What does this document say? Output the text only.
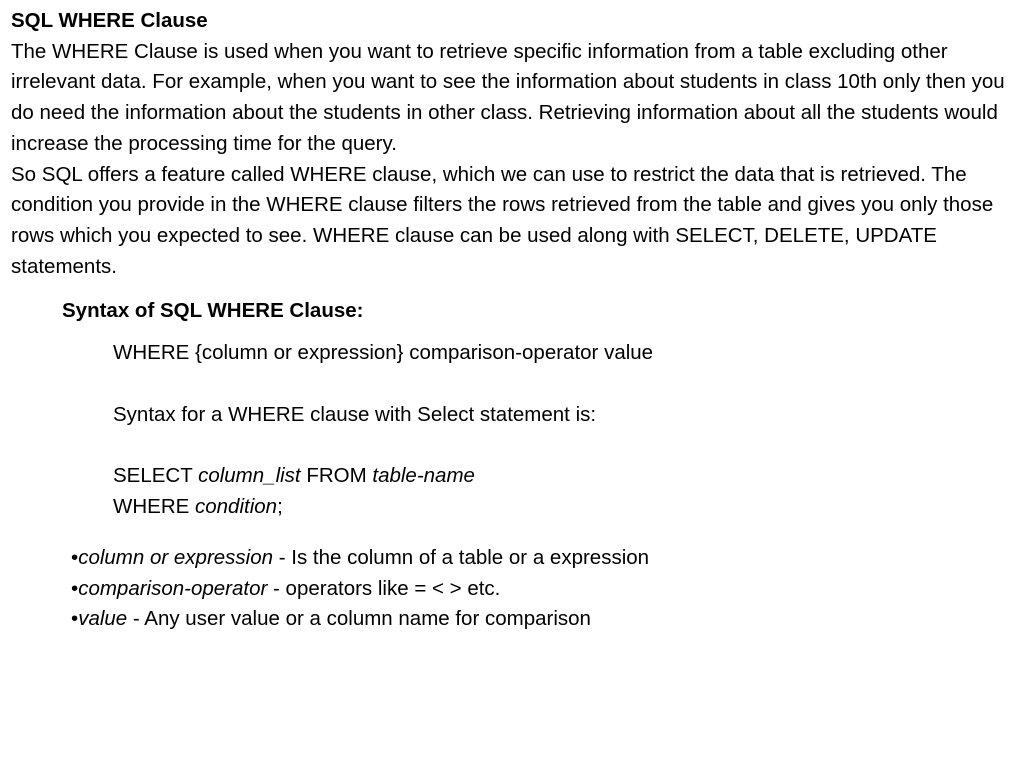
SQL WHERE Clause

The WHERE Clause is used when you want to retrieve specific information from a table excluding other irrelevant data. For example, when you want to see the information about students in class 10th only then you do need the information about the students in other class. Retrieving information about all the students would increase the processing time for the query.

So SQL offers a feature called WHERE clause, which we can use to restrict the data that is retrieved. The condition you provide in the WHERE clause filters the rows retrieved from the table and gives you only those rows which you expected to see. WHERE clause can be used along with SELECT, DELETE, UPDATE statements.

Syntax of SQL WHERE Clause:
WHERE {column or expression} comparison-operator value
Syntax for a WHERE clause with Select statement is:
SELECT column_list FROM table-name
WHERE condition;
•column or expression - Is the column of a table or a expression
•comparison-operator - operators like = < > etc.
•value - Any user value or a column name for comparison
